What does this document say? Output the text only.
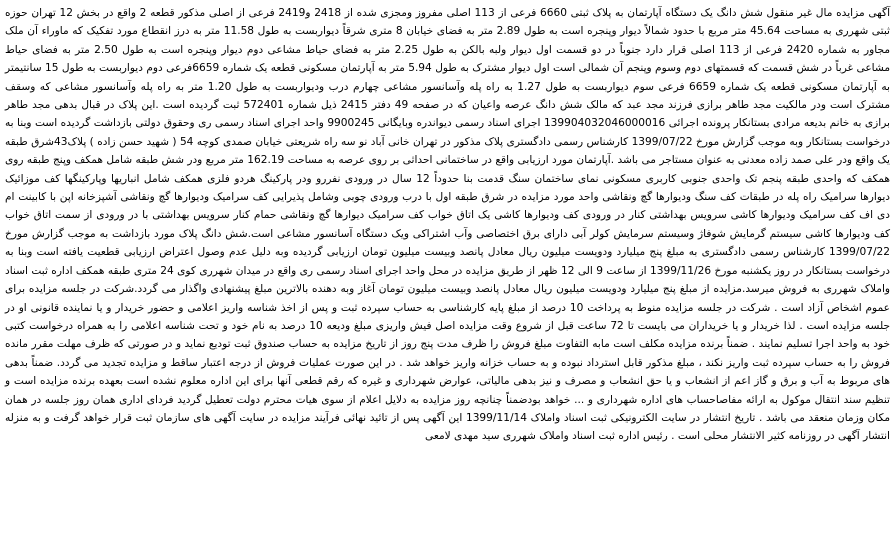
آگهی مزایده مال غیر منقول شش دانگ یک دستگاه آپارتمان به پلاک ثبتی 6660 فرعی از 113 اصلی مفروز ومجزی شده از 2418 و2419 فرعی از اصلی مذکور قطعه 2 واقع در بخش 12 تهران حوزه ثبتی شهرری به مساحت 45.64 متر مربع با حدود شمالاً دیوار وپنجره است به طول 2.89 متر به فضای خیابان 8 متری شرقاً دیواربست به طول 11.58 متر به درز انقطاع مورد تفکیک که ماوراء آن ملک مجاور به شماره 2420 فرعی از 113 اصلی قرار دارد جنوباً در دو قسمت اول دیوار ولبه بالکن به طول 2.25 متر به فضای حیاط مشاعی دوم دیوار وپنجره است به طول 2.50 متر به فضای حیاط مشاعی غرباً در شش قسمت که قسمتهای دوم وسوم وپنجم آن شمالی است اول دیوار مشترک به طول 5.94 متر به آپارتمان مسکونی قطعه یک شماره 6659فرعی دوم دیواربست به طول 15 سانتیمتر به آپارتمان مسکونی قطعه یک شماره 6659 فرعی سوم دیواربست به طول 1.27 به راه پله وآسانسور مشاعی چهارم درب ودیواربست به طول 1.20 متر به راه پله وآسانسور مشاعی که وسقف مشترک است ودر مالکیت مجد طاهر برازی فرزند مجد عبد که مالک شش دانگ عرصه واعیان که در صفحه 49 دفتر 2415 ذیل شماره 572401 ثبت گردیده است .این پلاک در قبال بدهی مجد طاهر برازی به خانم بدیعه مرادی بستانکار پرونده اجرائی 139904032046000016 اجرای اسناد رسمی دیواندره وبایگانی 9900245 واحد اجرای اسناد رسمی ری وحقوق دولتی بازداشت گردیده است وبنا به درخواست بستانکار وبه موجب گزارش مورخ 1399/07/22 کارشناس رسمی دادگستری پلاک مذکور در تهران خانی آباد نو سه راه شریعتی خیابان صمدی کوچه 54 ( شهید حسن زاده ) پلاک43شرق طبقه یک واقع ودر علی صمد زاده معدنی به عنوان مستاجر می باشد .آپارتمان مورد ارزیابی واقع در ساختمانی احداثی بر روی عرصه به مساحت 162.19 متر مربع ودر شش طبقه شامل همکف وپنج طبقه روی همکف که واحدی طبقه پنجم تک واحدی جنوبی کاربری مسکونی نمای ساختمان سنگ قدمت بنا حدوداً 12 سال در ورودی نفررو ودر پارکینگ هردو فلزی همکف شامل انباریها وپارکینگها کف موزائیک دیوارها سرامیک راه پله در طبقات کف سنگ ودیوارها گچ ونقاشی واحد مورد مزایده در شرق طبقه اول با درب ورودی چوبی وشامل پذیرایی کف سرامیک ودیوارها گچ ونقاشی آشپزخانه اپن با کابینت ام دی اف کف سرامیک ودیوارها کاشی سرویس بهداشتی کنار در ورودی کف ودیوارها کاشی یک اتاق خواب کف سرامیک دیوارها گچ ونقاشی حمام کنار سرویس بهداشتی با در ورودی از سمت اتاق خواب کف ودیوارها کاشی سیستم گرمایش شوفاژ وسیستم سرمایش کولر آبی دارای برق اختصاصی وآب اشتراکی ویک دستگاه آسانسور مشاعی است.شش دانگ پلاک مورد بازداشت به موجب گزارش مورخ 1399/07/22 کارشناس رسمی دادگستری به مبلغ پنج میلیارد ودویست میلیون ریال معادل پانصد وبیست میلیون تومان ارزیابی گردیده وبه دلیل عدم وصول اعتراض ارزیابی قطعیت یافته است وبنا به درخواست بستانکار در روز یکشنبه مورخ 1399/11/26 از ساعت 9 الی 12 ظهر از طریق مزایده در محل واحد اجرای اسناد رسمی ری واقع در میدان شهرری کوی 24 متری طبقه همکف اداره ثبت اسناد واملاک شهرری به فروش میرسد.مزایده از مبلغ پنج میلیارد ودویست میلیون ریال معادل پانصد وبیست میلیون تومان آغاز وبه دهنده بالاترین مبلغ پیشنهادی واگذار می گردد.شرکت در جلسه مزایده برای عموم اشخاص آزاد است . شرکت در جلسه مزایده منوط به پرداخت 10 درصد از مبلغ پایه کارشناسی به حساب سپرده ثبت و پس از اخذ شناسه واریز اعلامی و حضور خریدار و یا نماینده قانونی او در جلسه مزایده است . لذا خریدار و یا خریداران می بایست تا 72 ساعت قبل از شروع وقت مزایده اصل فیش واریزی مبلغ ودیعه 10 درصد به نام خود و تحت شناسه اعلامی را به همراه درخواست کتبی خود به واحد اجرا تسلیم نمایند . ضمناً برنده مزایده مکلف است مابه التفاوت مبلغ فروش را ظرف مدت پنج روز از تاریخ مزایده به حساب صندوق ثبت تودیع نماید و در صورتی که ظرف مهلت مقرر مانده فروش را به حساب سپرده ثبت واریز نکند ، مبلغ مذکور قابل استرداد نبوده و به حساب خزانه واریز خواهد شد . در این صورت عملیات فروش از درجه اعتبار ساقط و مزایده تجدید می گردد. ضمناً بدهی های مربوط به آب و برق و گاز اعم از انشعاب و یا حق انشعاب و مصرف و نیز بدهی مالیاتی، عوارض شهرداری و غیره که رقم قطعی آنها برای این اداره معلوم نشده است بعهده برنده مزایده است و تنظیم سند انتقال موکول به ارائه مفاصاحساب های اداره شهرداری و ... خواهد بودضمناً چنانچه روز مزایده به دلایل اعلام از سوی هیات محترم دولت تعطیل گردید فردای اداری همان روز جلسه در همان مکان وزمان منعقد می باشد . تاریخ انتشار در سایت الکترونیکی ثبت اسناد واملاک 1399/11/14 این آگهی پس از تائید نهائی فرآیند مزایده در سایت آگهی های سازمان ثبت قرار خواهد گرفت و به منزله انتشار آگهی در روزنامه کثیر الانتشار محلی است . رئیس اداره ثبت اسناد واملاک شهرری سید مهدی لامعی
